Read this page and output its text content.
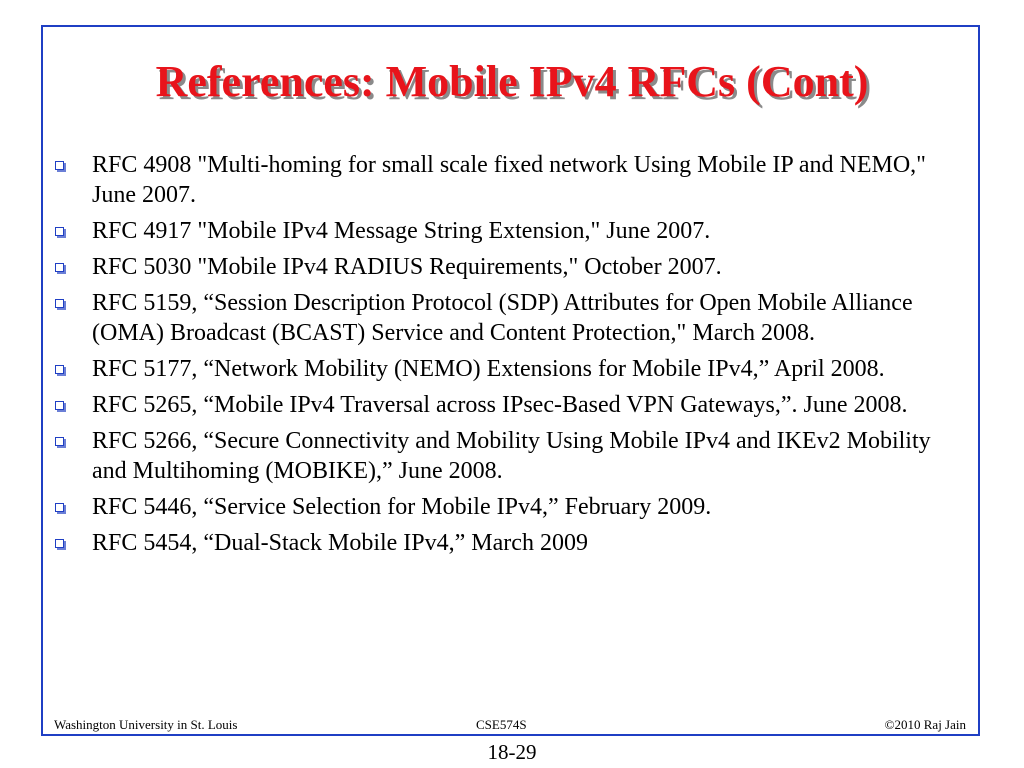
References: Mobile IPv4 RFCs (Cont)
RFC 4908 "Multi-homing for small scale fixed network Using Mobile IP and NEMO," June 2007.
RFC 4917 "Mobile IPv4 Message String Extension," June 2007.
RFC 5030 "Mobile IPv4 RADIUS Requirements," October 2007.
RFC 5159, “Session Description Protocol (SDP) Attributes for Open Mobile Alliance (OMA) Broadcast (BCAST) Service and Content Protection," March 2008.
RFC 5177, “Network Mobility (NEMO) Extensions for Mobile IPv4,” April 2008.
RFC 5265, “Mobile IPv4 Traversal across IPsec-Based VPN Gateways,”. June 2008.
RFC 5266, “Secure Connectivity and Mobility Using Mobile IPv4 and IKEv2 Mobility and Multihoming (MOBIKE),” June 2008.
RFC 5446, “Service Selection for Mobile IPv4,” February 2009.
RFC 5454, “Dual-Stack Mobile IPv4,” March 2009
Washington University in St. Louis	CSE574S	©2010 Raj Jain
18-29
